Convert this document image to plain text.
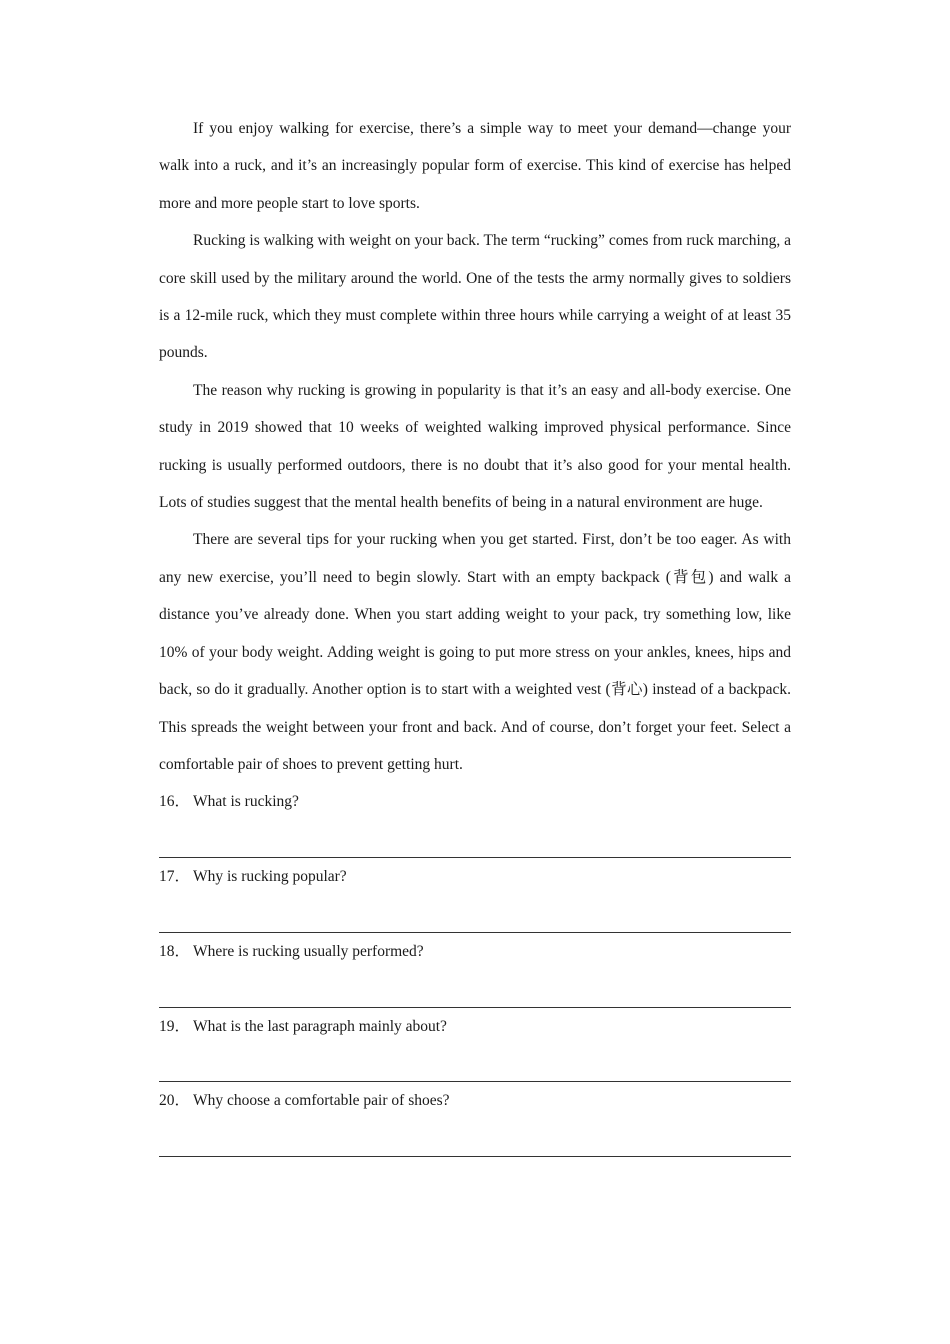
If you enjoy walking for exercise, there’s a simple way to meet your demand—change your walk into a ruck, and it’s an increasingly popular form of exercise. This kind of exercise has helped more and more people start to love sports.

Rucking is walking with weight on your back. The term “rucking” comes from ruck marching, a core skill used by the military around the world. One of the tests the army normally gives to soldiers is a 12-mile ruck, which they must complete within three hours while carrying a weight of at least 35 pounds.

The reason why rucking is growing in popularity is that it’s an easy and all-body exercise. One study in 2019 showed that 10 weeks of weighted walking improved physical performance. Since rucking is usually performed outdoors, there is no doubt that it’s also good for your mental health. Lots of studies suggest that the mental health benefits of being in a natural environment are huge.

There are several tips for your rucking when you get started. First, don’t be too eager. As with any new exercise, you’ll need to begin slowly. Start with an empty backpack (背包) and walk a distance you’ve already done. When you start adding weight to your pack, try something low, like 10% of your body weight. Adding weight is going to put more stress on your ankles, knees, hips and back, so do it gradually. Another option is to start with a weighted vest (背心) instead of a backpack. This spreads the weight between your front and back. And of course, don’t forget your feet. Select a comfortable pair of shoes to prevent getting hurt.

16． What is rucking?
17． Why is rucking popular?
18． Where is rucking usually performed?
19． What is the last paragraph mainly about?
20． Why choose a comfortable pair of shoes?
